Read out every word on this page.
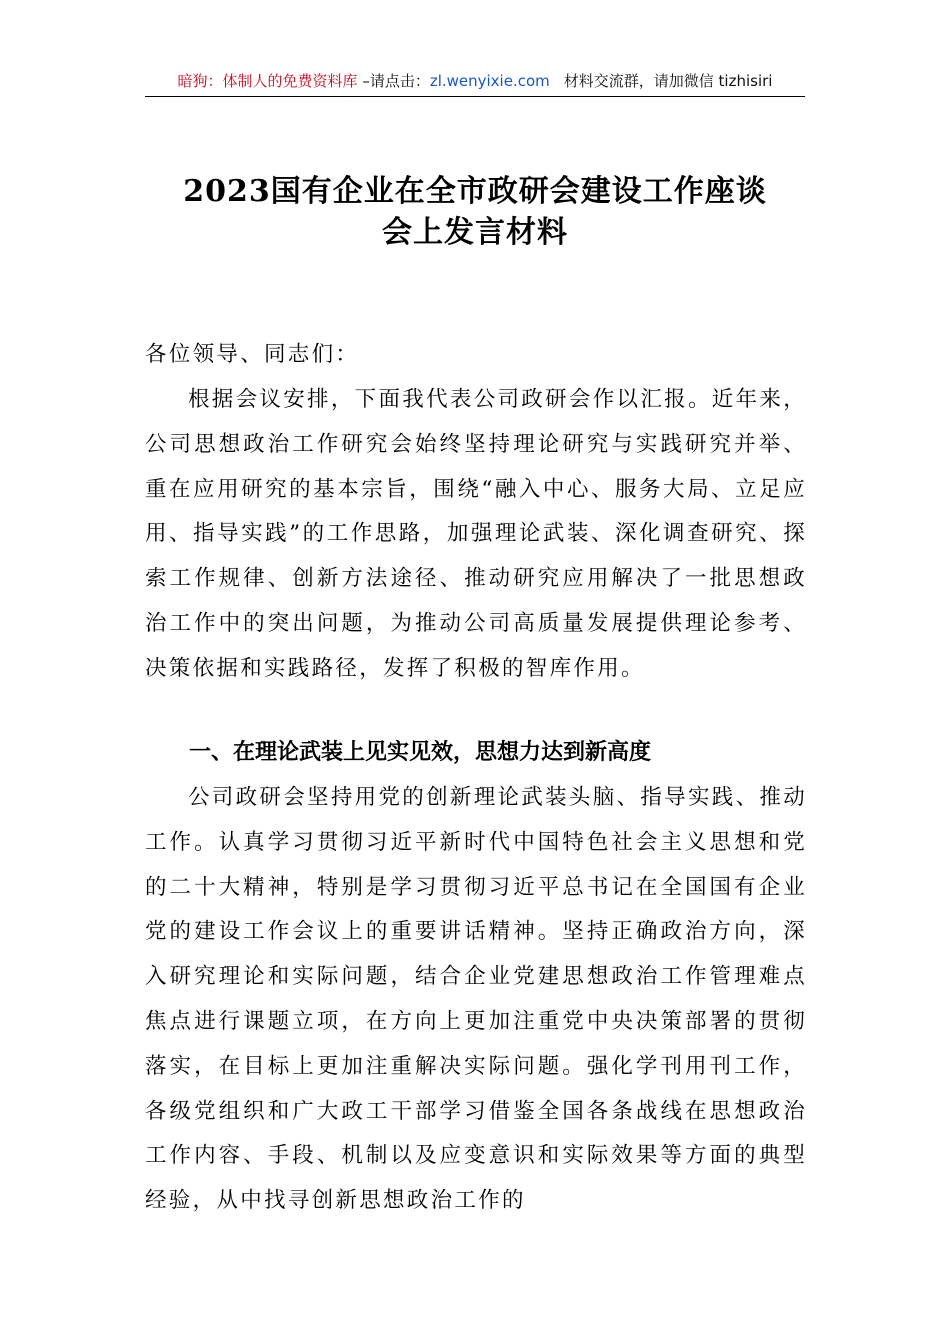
暗狗：体制人的免费资料库 –请点击：zl.wenyixie.com 材料交流群，请加微信 tizhisiri
2023国有企业在全市政研会建设工作座谈
会上发言材料
各位领导、同志们：
根据会议安排，下面我代表公司政研会作以汇报。近年来，公司思想政治工作研究会始终坚持理论研究与实践研究并举、重在应用研究的基本宗旨，围绕“融入中心、服务大局、立足应用、指导实践”的工作思路，加强理论武装、深化调查研究、探索工作规律、创新方法途径、推动研究应用解决了一批思想政治工作中的突出问题，为推动公司高质量发展提供理论参考、决策依据和实践路径，发挥了积极的智库作用。
一、在理论武装上见实见效，思想力达到新高度
公司政研会坚持用党的创新理论武装头脑、指导实践、推动工作。认真学习贯彻习近平新时代中国特色社会主义思想和党的二十大精神，特别是学习贯彻习近平总书记在全国国有企业党的建设工作会议上的重要讲话精神。坚持正确政治方向，深入研究理论和实际问题，结合企业党建思想政治工作管理难点焦点进行课题立项，在方向上更加注重党中央决策部署的贯彻落实，在目标上更加注重解决实际问题。强化学刊用刊工作，各级党组织和广大政工干部学习借鉴全国各条战线在思想政治工作内容、手段、机制以及应变意识和实际效果等方面的典型经验，从中找寻创新思想政治工作的
